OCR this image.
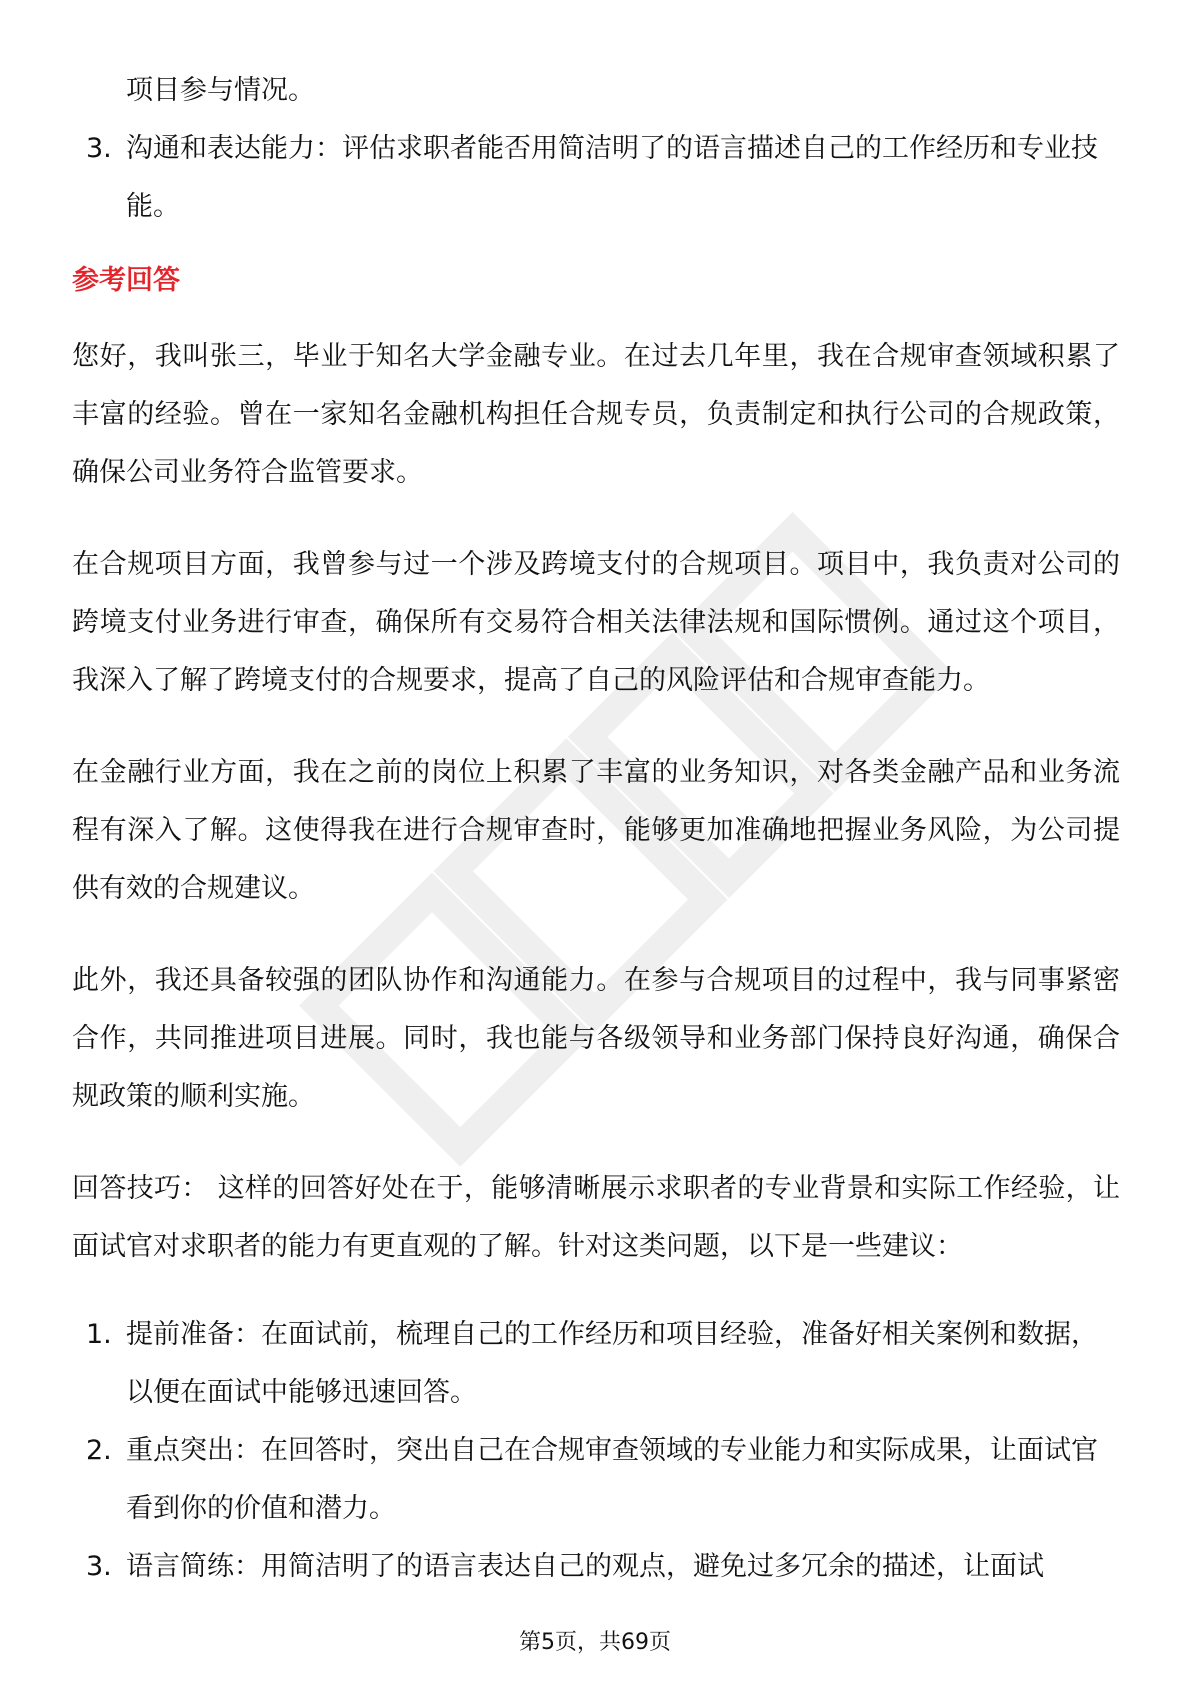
项目参与情况。
3. 沟通和表达能力：评估求职者能否用简洁明了的语言描述自己的工作经历和专业技能。
参考回答

您好，我叫张三，毕业于知名大学金融专业。在过去几年里，我在合规审查领域积累了丰富的经验。曾在一家知名金融机构担任合规专员，负责制定和执行公司的合规政策，确保公司业务符合监管要求。

在合规项目方面，我曾参与过一个涉及跨境支付的合规项目。项目中，我负责对公司的跨境支付业务进行审查，确保所有交易符合相关法律法规和国际惯例。通过这个项目，我深入了解了跨境支付的合规要求，提高了自己的风险评估和合规审查能力。

在金融行业方面，我在之前的岗位上积累了丰富的业务知识，对各类金融产品和业务流程有深入了解。这使得我在进行合规审查时，能够更加准确地把握业务风险，为公司提供有效的合规建议。

此外，我还具备较强的团队协作和沟通能力。在参与合规项目的过程中，我与同事紧密合作，共同推进项目进展。同时，我也能与各级领导和业务部门保持良好沟通，确保合规政策的顺利实施。

回答技巧： 这样的回答好处在于，能够清晰展示求职者的专业背景和实际工作经验，让面试官对求职者的能力有更直观的了解。针对这类问题，以下是一些建议：

1. 提前准备：在面试前，梳理自己的工作经历和项目经验，准备好相关案例和数据，以便在面试中能够迅速回答。
2. 重点突出：在回答时，突出自己在合规审查领域的专业能力和实际成果，让面试官看到你的价值和潜力。
3. 语言简练：用简洁明了的语言表达自己的观点，避免过多冗余的描述，让面试
第5页，共69页
